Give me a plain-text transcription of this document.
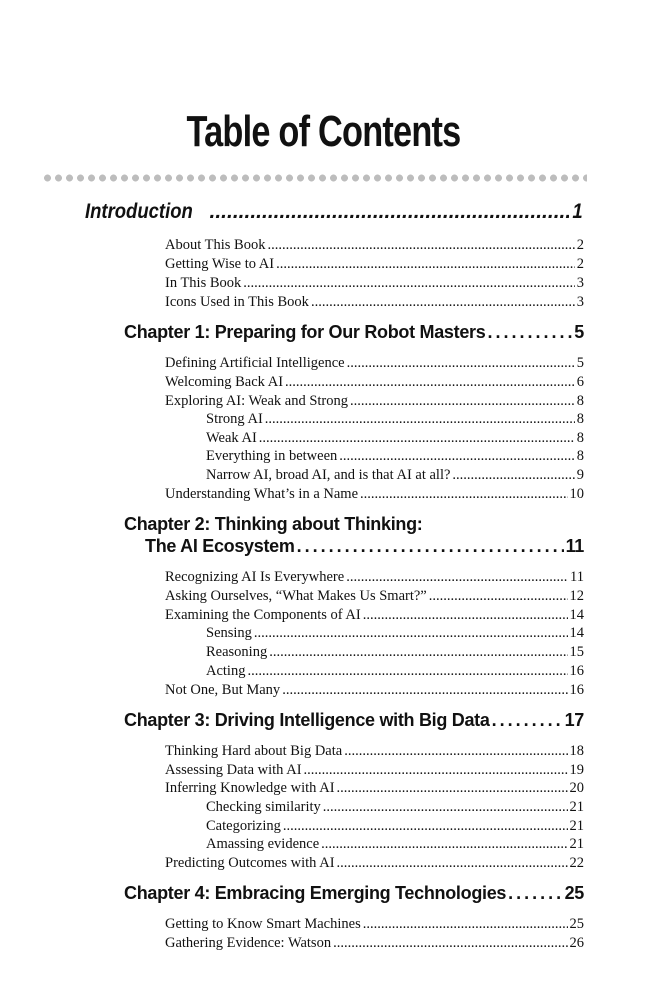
Table of Contents
Introduction .....	1
About This Book .....	2
Getting Wise to AI .....	2
In This Book .....	3
Icons Used in This Book .....	3
Chapter 1: Preparing for Our Robot Masters .....	5
Defining Artificial Intelligence .....	5
Welcoming Back AI .....	6
Exploring AI: Weak and Strong .....	8
Strong AI .....	8
Weak AI .....	8
Everything in between .....	8
Narrow AI, broad AI, and is that AI at all? .....	9
Understanding What’s in a Name .....	10
Chapter 2: Thinking about Thinking:
The AI Ecosystem .....	11
Recognizing AI Is Everywhere .....	11
Asking Ourselves, “What Makes Us Smart?” .....	12
Examining the Components of AI .....	14
Sensing .....	14
Reasoning .....	15
Acting .....	16
Not One, But Many .....	16
Chapter 3: Driving Intelligence with Big Data .....	17
Thinking Hard about Big Data .....	18
Assessing Data with AI .....	19
Inferring Knowledge with AI .....	20
Checking similarity .....	21
Categorizing .....	21
Amassing evidence .....	21
Predicting Outcomes with AI .....	22
Chapter 4: Embracing Emerging Technologies .....	25
Getting to Know Smart Machines .....	25
Gathering Evidence: Watson .....	26
